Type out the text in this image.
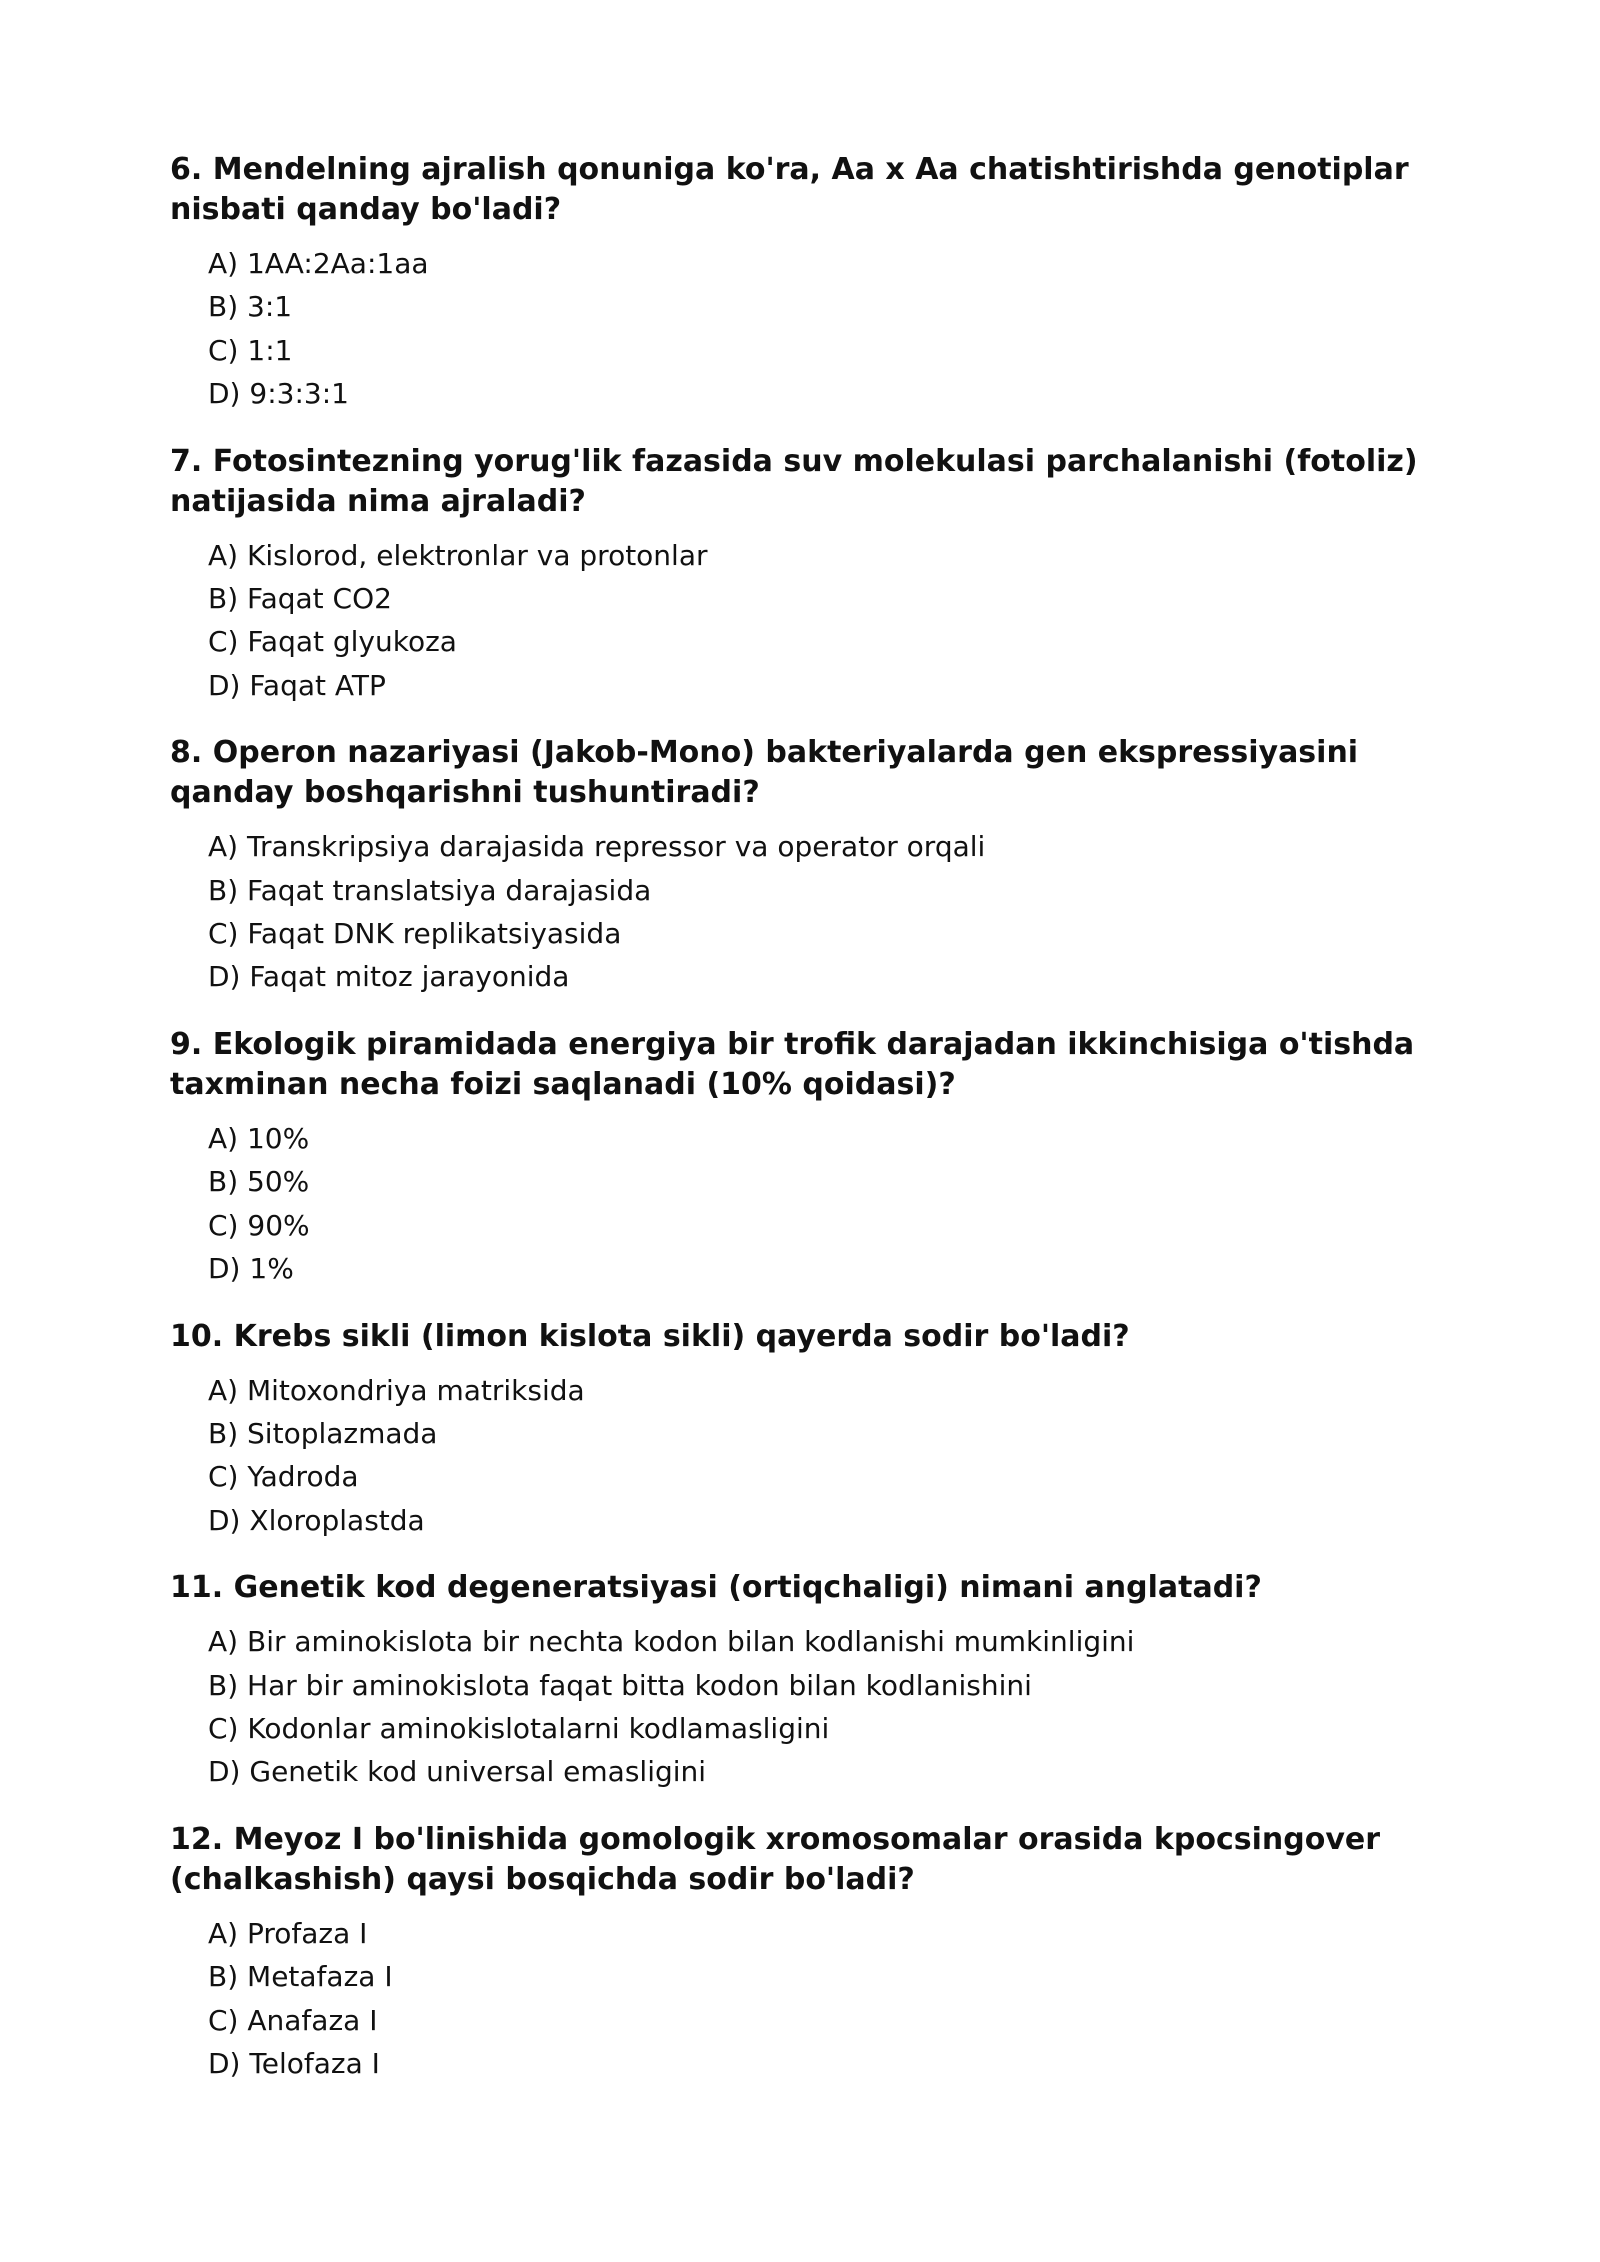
6. Mendelning ajralish qonuniga ko'ra, Aa x Aa chatishtirishda genotiplar nisbati qanday bo'ladi?
A) 1AA:2Aa:1aa
B) 3:1
C) 1:1
D) 9:3:3:1
7. Fotosintezning yorug'lik fazasida suv molekulasi parchalanishi (fotoliz) natijasida nima ajraladi?
A) Kislorod, elektronlar va protonlar
B) Faqat CO2
C) Faqat glyukoza
D) Faqat ATP
8. Operon nazariyasi (Jakob-Mono) bakteriyalarda gen ekspressiyasini qanday boshqarishni tushuntiradi?
A) Transkripsiya darajasida repressor va operator orqali
B) Faqat translatsiya darajasida
C) Faqat DNK replikatsiyasida
D) Faqat mitoz jarayonida
9. Ekologik piramidada energiya bir trofik darajadan ikkinchisiga o'tishda taxminan necha foizi saqlanadi (10% qoidasi)?
A) 10%
B) 50%
C) 90%
D) 1%
10. Krebs sikli (limon kislota sikli) qayerda sodir bo'ladi?
A) Mitoxondriya matriksida
B) Sitoplazmada
C) Yadroda
D) Xloroplastda
11. Genetik kod degeneratsiyasi (ortiqchaligi) nimani anglatadi?
A) Bir aminokislota bir nechta kodon bilan kodlanishi mumkinligini
B) Har bir aminokislota faqat bitta kodon bilan kodlanishini
C) Kodonlar aminokislotalarni kodlamasligini
D) Genetik kod universal emasligini
12. Meyoz I bo'linishida gomologik xromosomalar orasida kpocsingover (chalkashish) qaysi bosqichda sodir bo'ladi?
A) Profaza I
B) Metafaza I
C) Anafaza I
D) Telofaza I
